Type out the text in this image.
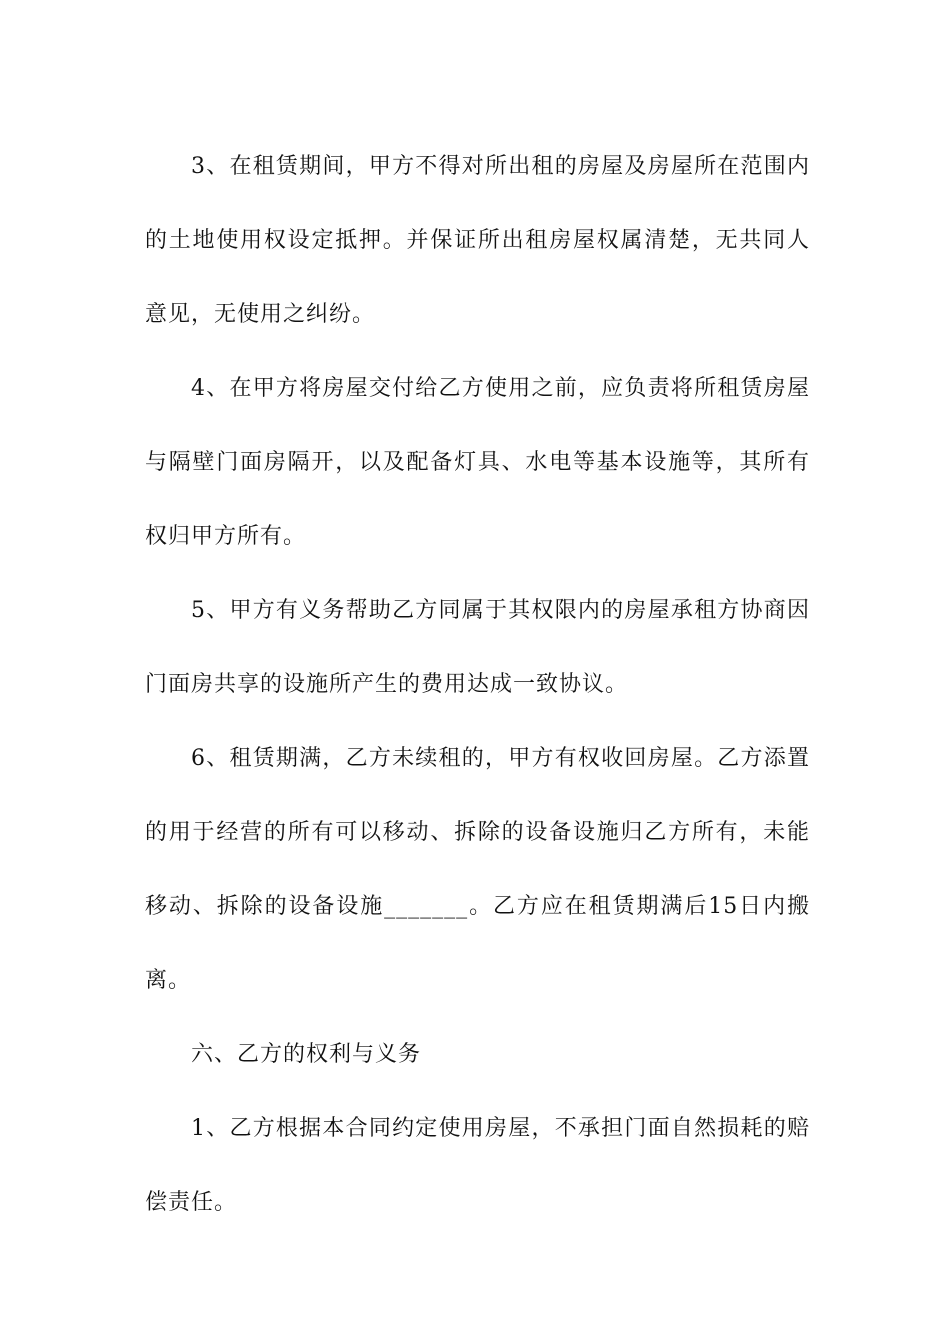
3、在租赁期间，甲方不得对所出租的房屋及房屋所在范围内的土地使用权设定抵押。并保证所出租房屋权属清楚，无共同人意见，无使用之纠纷。

4、在甲方将房屋交付给乙方使用之前，应负责将所租赁房屋与隔壁门面房隔开，以及配备灯具、水电等基本设施等，其所有权归甲方所有。

5、甲方有义务帮助乙方同属于其权限内的房屋承租方协商因门面房共享的设施所产生的费用达成一致协议。

6、租赁期满，乙方未续租的，甲方有权收回房屋。乙方添置的用于经营的所有可以移动、拆除的设备设施归乙方所有，未能移动、拆除的设备设施_______。乙方应在租赁期满后15日内搬离。

六、乙方的权利与义务

1、乙方根据本合同约定使用房屋，不承担门面自然损耗的赔偿责任。
